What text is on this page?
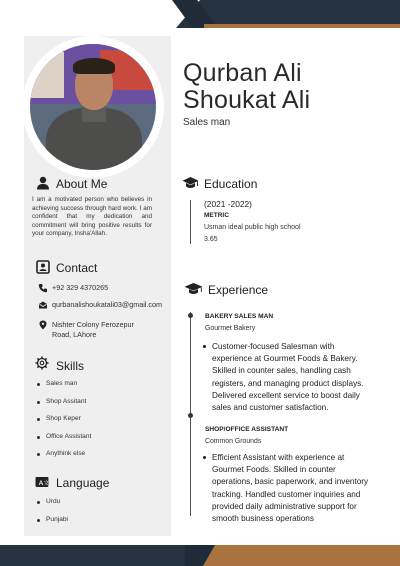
Qurban Ali Shoukat Ali
Sales man
About Me
I am a motivated person who believes in achieving success through hard work. I am confident that my dedication and commitment will bring positive results for your company, Insha'Allah.
Contact
+92 329 4370265
qurbanalishoukatali03@gmail.com
Nishter Colony Ferozepur Road, LAhore
Skills
Sales man
Shop Assitant
Shop Keper
Office Assistant
Anythink else
A 文 Language
Urdu
Punjabi
Education
(2021 -2022)
METRIC
Usman ideal public high school
3.65
Experience
BAKERY SALES MAN
Gourmet Bakery
Customer-focused Salesman with experience at Gourmet Foods & Bakery. Skilled in counter sales, handling cash registers, and managing product displays. Delivered excellent service to boost daily sales and customer satisfaction.
SHOP/OFFICE ASSISTANT
Common Grounds
Efficient Assistant with experience at Gourmet Foods. Skilled in counter operations, basic paperwork, and inventory tracking. Handled customer inquiries and provided daily administrative support for smooth business operations
